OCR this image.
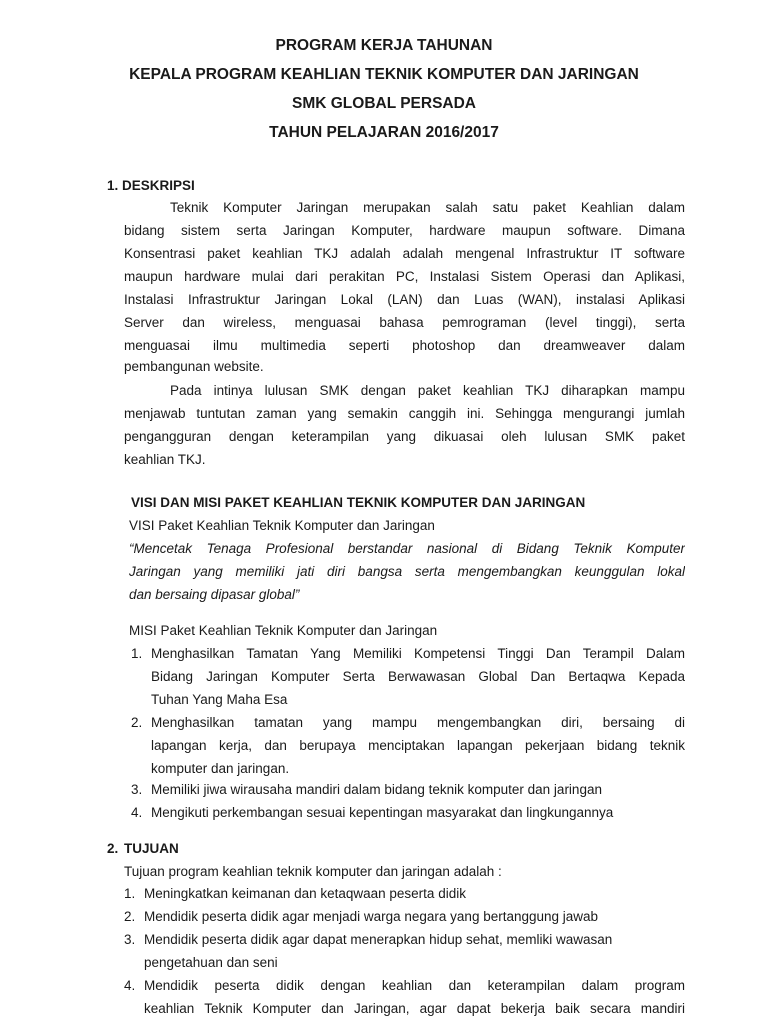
PROGRAM KERJA TAHUNAN
KEPALA PROGRAM KEAHLIAN TEKNIK KOMPUTER DAN JARINGAN
SMK GLOBAL PERSADA
TAHUN PELAJARAN 2016/2017
1. DESKRIPSI
Teknik Komputer Jaringan merupakan salah satu paket Keahlian dalam
bidang sistem serta Jaringan Komputer, hardware maupun software. Dimana
Konsentrasi paket keahlian TKJ adalah adalah mengenal Infrastruktur IT software
maupun hardware mulai dari perakitan PC, Instalasi Sistem Operasi dan Aplikasi,
Instalasi Infrastruktur Jaringan Lokal (LAN) dan Luas (WAN), instalasi Aplikasi
Server dan wireless, menguasai bahasa pemrograman (level tinggi), serta
menguasai ilmu multimedia seperti photoshop dan dreamweaver dalam
pembangunan website.
Pada intinya lulusan SMK dengan paket keahlian TKJ diharapkan mampu
menjawab tuntutan zaman yang semakin canggih ini. Sehingga mengurangi jumlah
pengangguran dengan keterampilan yang dikuasai oleh lulusan SMK paket
keahlian TKJ.
VISI DAN MISI PAKET KEAHLIAN TEKNIK KOMPUTER DAN JARINGAN
VISI Paket Keahlian Teknik Komputer dan Jaringan
“Mencetak Tenaga Profesional berstandar nasional di Bidang Teknik Komputer
Jaringan yang memiliki jati diri bangsa serta mengembangkan keunggulan lokal
dan bersaing dipasar global”
MISI Paket Keahlian Teknik Komputer dan Jaringan
1. Menghasilkan Tamatan Yang Memiliki Kompetensi Tinggi Dan Terampil Dalam
Bidang Jaringan Komputer Serta Berwawasan Global Dan Bertaqwa Kepada
Tuhan Yang Maha Esa
2. Menghasilkan tamatan yang mampu mengembangkan diri, bersaing di
lapangan kerja, dan berupaya menciptakan lapangan pekerjaan bidang teknik
komputer dan jaringan.
3. Memiliki jiwa wirausaha mandiri dalam bidang teknik komputer dan jaringan
4. Mengikuti perkembangan sesuai kepentingan masyarakat dan lingkungannya
2. TUJUAN
Tujuan program keahlian teknik komputer dan jaringan adalah :
1. Meningkatkan keimanan dan ketaqwaan peserta didik
2. Mendidik peserta didik agar menjadi warga negara yang bertanggung jawab
3. Mendidik peserta didik agar dapat menerapkan hidup sehat, memliki wawasan
pengetahuan dan seni
4. Mendidik peserta didik dengan keahlian dan keterampilan dalam program
keahlian Teknik Komputer dan Jaringan, agar dapat bekerja baik secara mandiri
